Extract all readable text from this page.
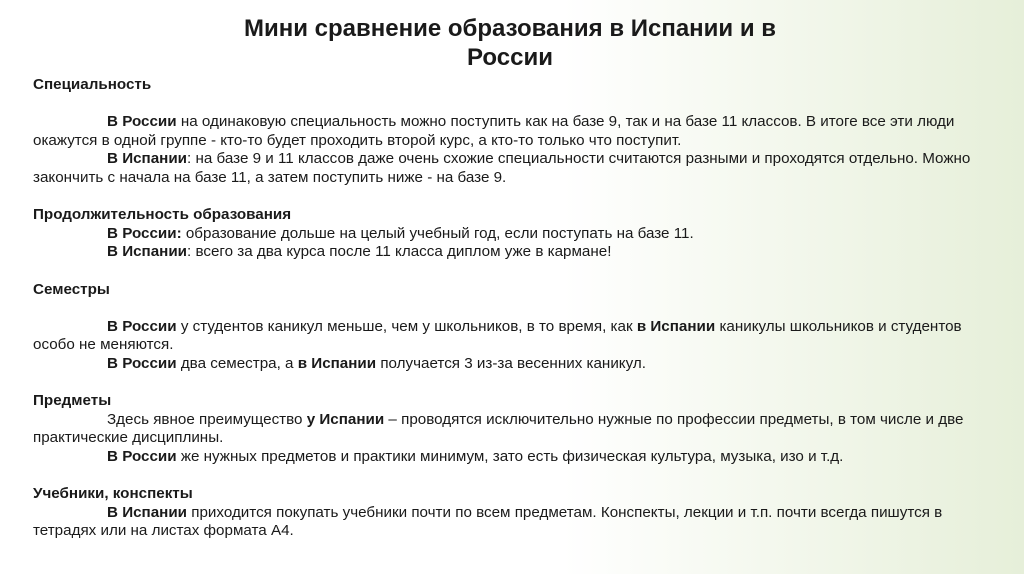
Мини сравнение образования в Испании и в
России

Специальность

В России на одинаковую специальность можно поступить как на базе 9, так и на базе 11 классов. В итоге все эти люди окажутся в одной группе - кто-то будет проходить второй курс, а кто-то только что поступит.

В Испании: на базе 9 и 11 классов даже очень схожие специальности считаются разными и проходятся отдельно. Можно закончить с начала на базе 11, а затем поступить ниже - на базе 9.

Продолжительность образования

В России: образование дольше на целый учебный год, если поступать на базе 11.

В Испании: всего за два курса после 11 класса диплом уже в кармане!

Семестры

В России у студентов каникул меньше, чем у школьников, в то время, как в Испании каникулы школьников и студентов особо не меняются.

В России два семестра, а в Испании получается 3 из-за весенних каникул.

Предметы

Здесь явное преимущество у Испании – проводятся исключительно нужные по профессии предметы, в том числе и две практические дисциплины.

В России же нужных предметов и практики минимум, зато есть физическая культура, музыка, изо и т.д.

Учебники, конспекты

В Испании приходится покупать учебники почти по всем предметам. Конспекты, лекции и т.п. почти всегда пишутся в тетрадях или на листах формата А4.
